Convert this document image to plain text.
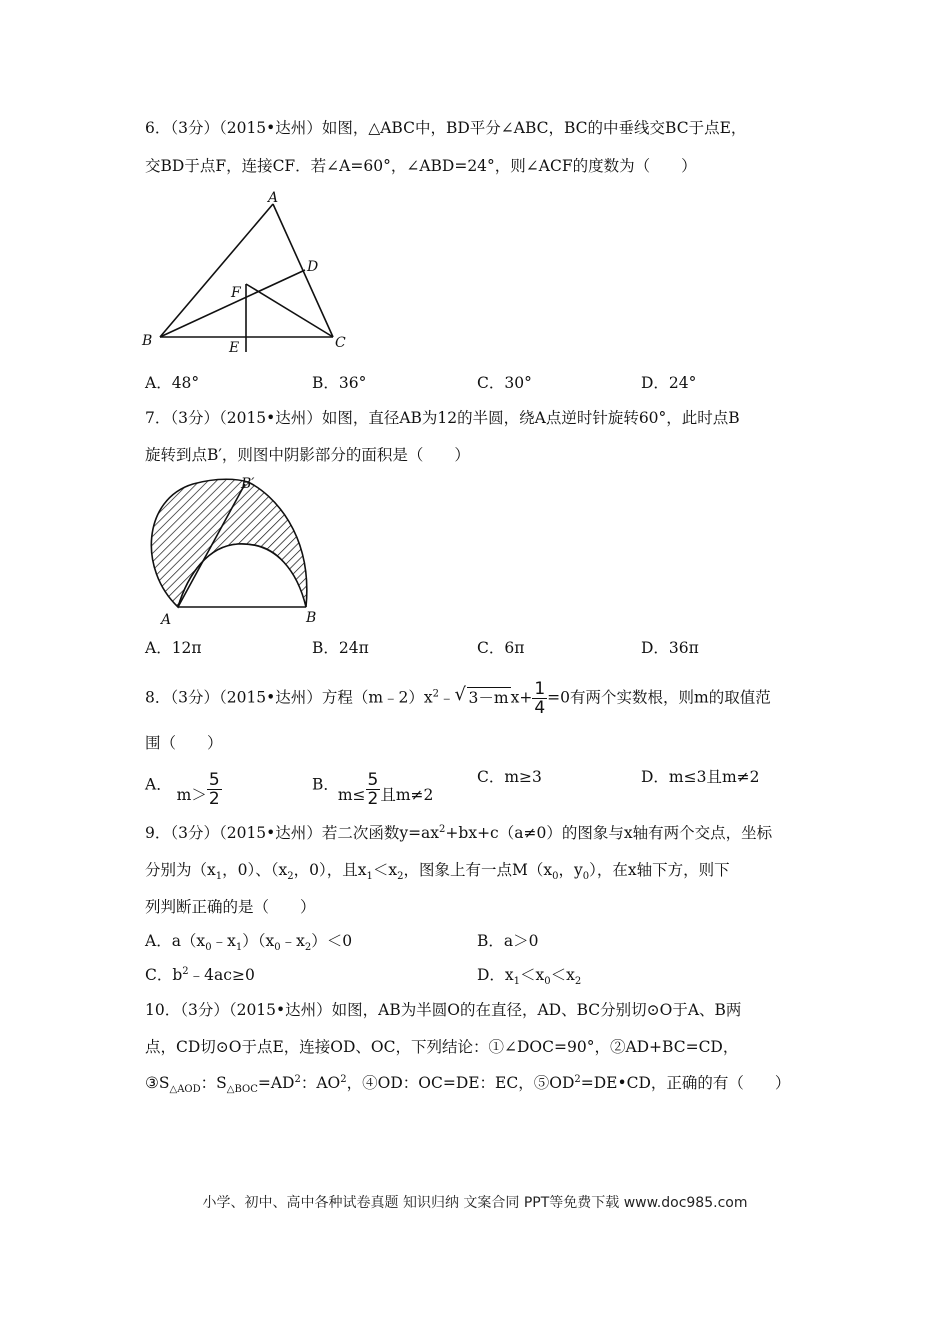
6．（3分）（2015•达州）如图，△ABC中，BD平分∠ABC，BC的中垂线交BC于点E，
交BD于点F，连接CF．若∠A=60°，∠ABD=24°，则∠ACF的度数为（　　）
A
B	C
D
E
F
A．48°	B．36°	C．30°	D．24°
7．（3分）（2015•达州）如图，直径AB为12的半圆，绕A点逆时针旋转60°，此时点B
旋转到点B′，则图中阴影部分的面积是（　　）
A	B
B′
A．12π	B．24π	C．6π	D．36π
8．（3分）（2015•达州）方程$(m﹣2)x^2﹣√$ 3－m $x+ \frac{1}{4} =0$有两个实数根，则m的取值范
围（　　）
A． $m> \frac{5}{2}$	B． $m\le \frac{5}{2}$ 且m≠2
C．m≥3	D．m≤3且m≠2
9．（3分）（2015•达州）若二次函数$y=ax^2+bx+c(a\ne 0)$的图象与x轴有两个交点，坐标
分别为（$x_1$，0）、（$x_2$，0），且$x_1<x_2$，图象上有一点$M(x_0$，$y_0$），在x轴下方，则下
列判断正确的是（　　）
A．$a(x_0﹣x_1)(x_0﹣x_2)<0$	B．a＞0
C．$b^2﹣4ac\ge 0$	D．$x_1<x_0<x_2$
10．（3分）（2015•达州）如图，AB为半圆O的在直径，AD、BC分别切⊙O于A、B两
点，CD切⊙O于点E，连接OD、OC，下列结论：①∠DOC=90°，②AD+BC=CD，
$③S_{\triangle AOD}$：$S_{\triangle BOC}=AD^2$：$AO^2$，④OD：OC=DE：EC，$⑤OD^2=DE•CD$，正确的有（　　）
小学、初中、高中各种试卷真题 知识归纳 文案合同 PPT等免费下载 www.doc985.com
